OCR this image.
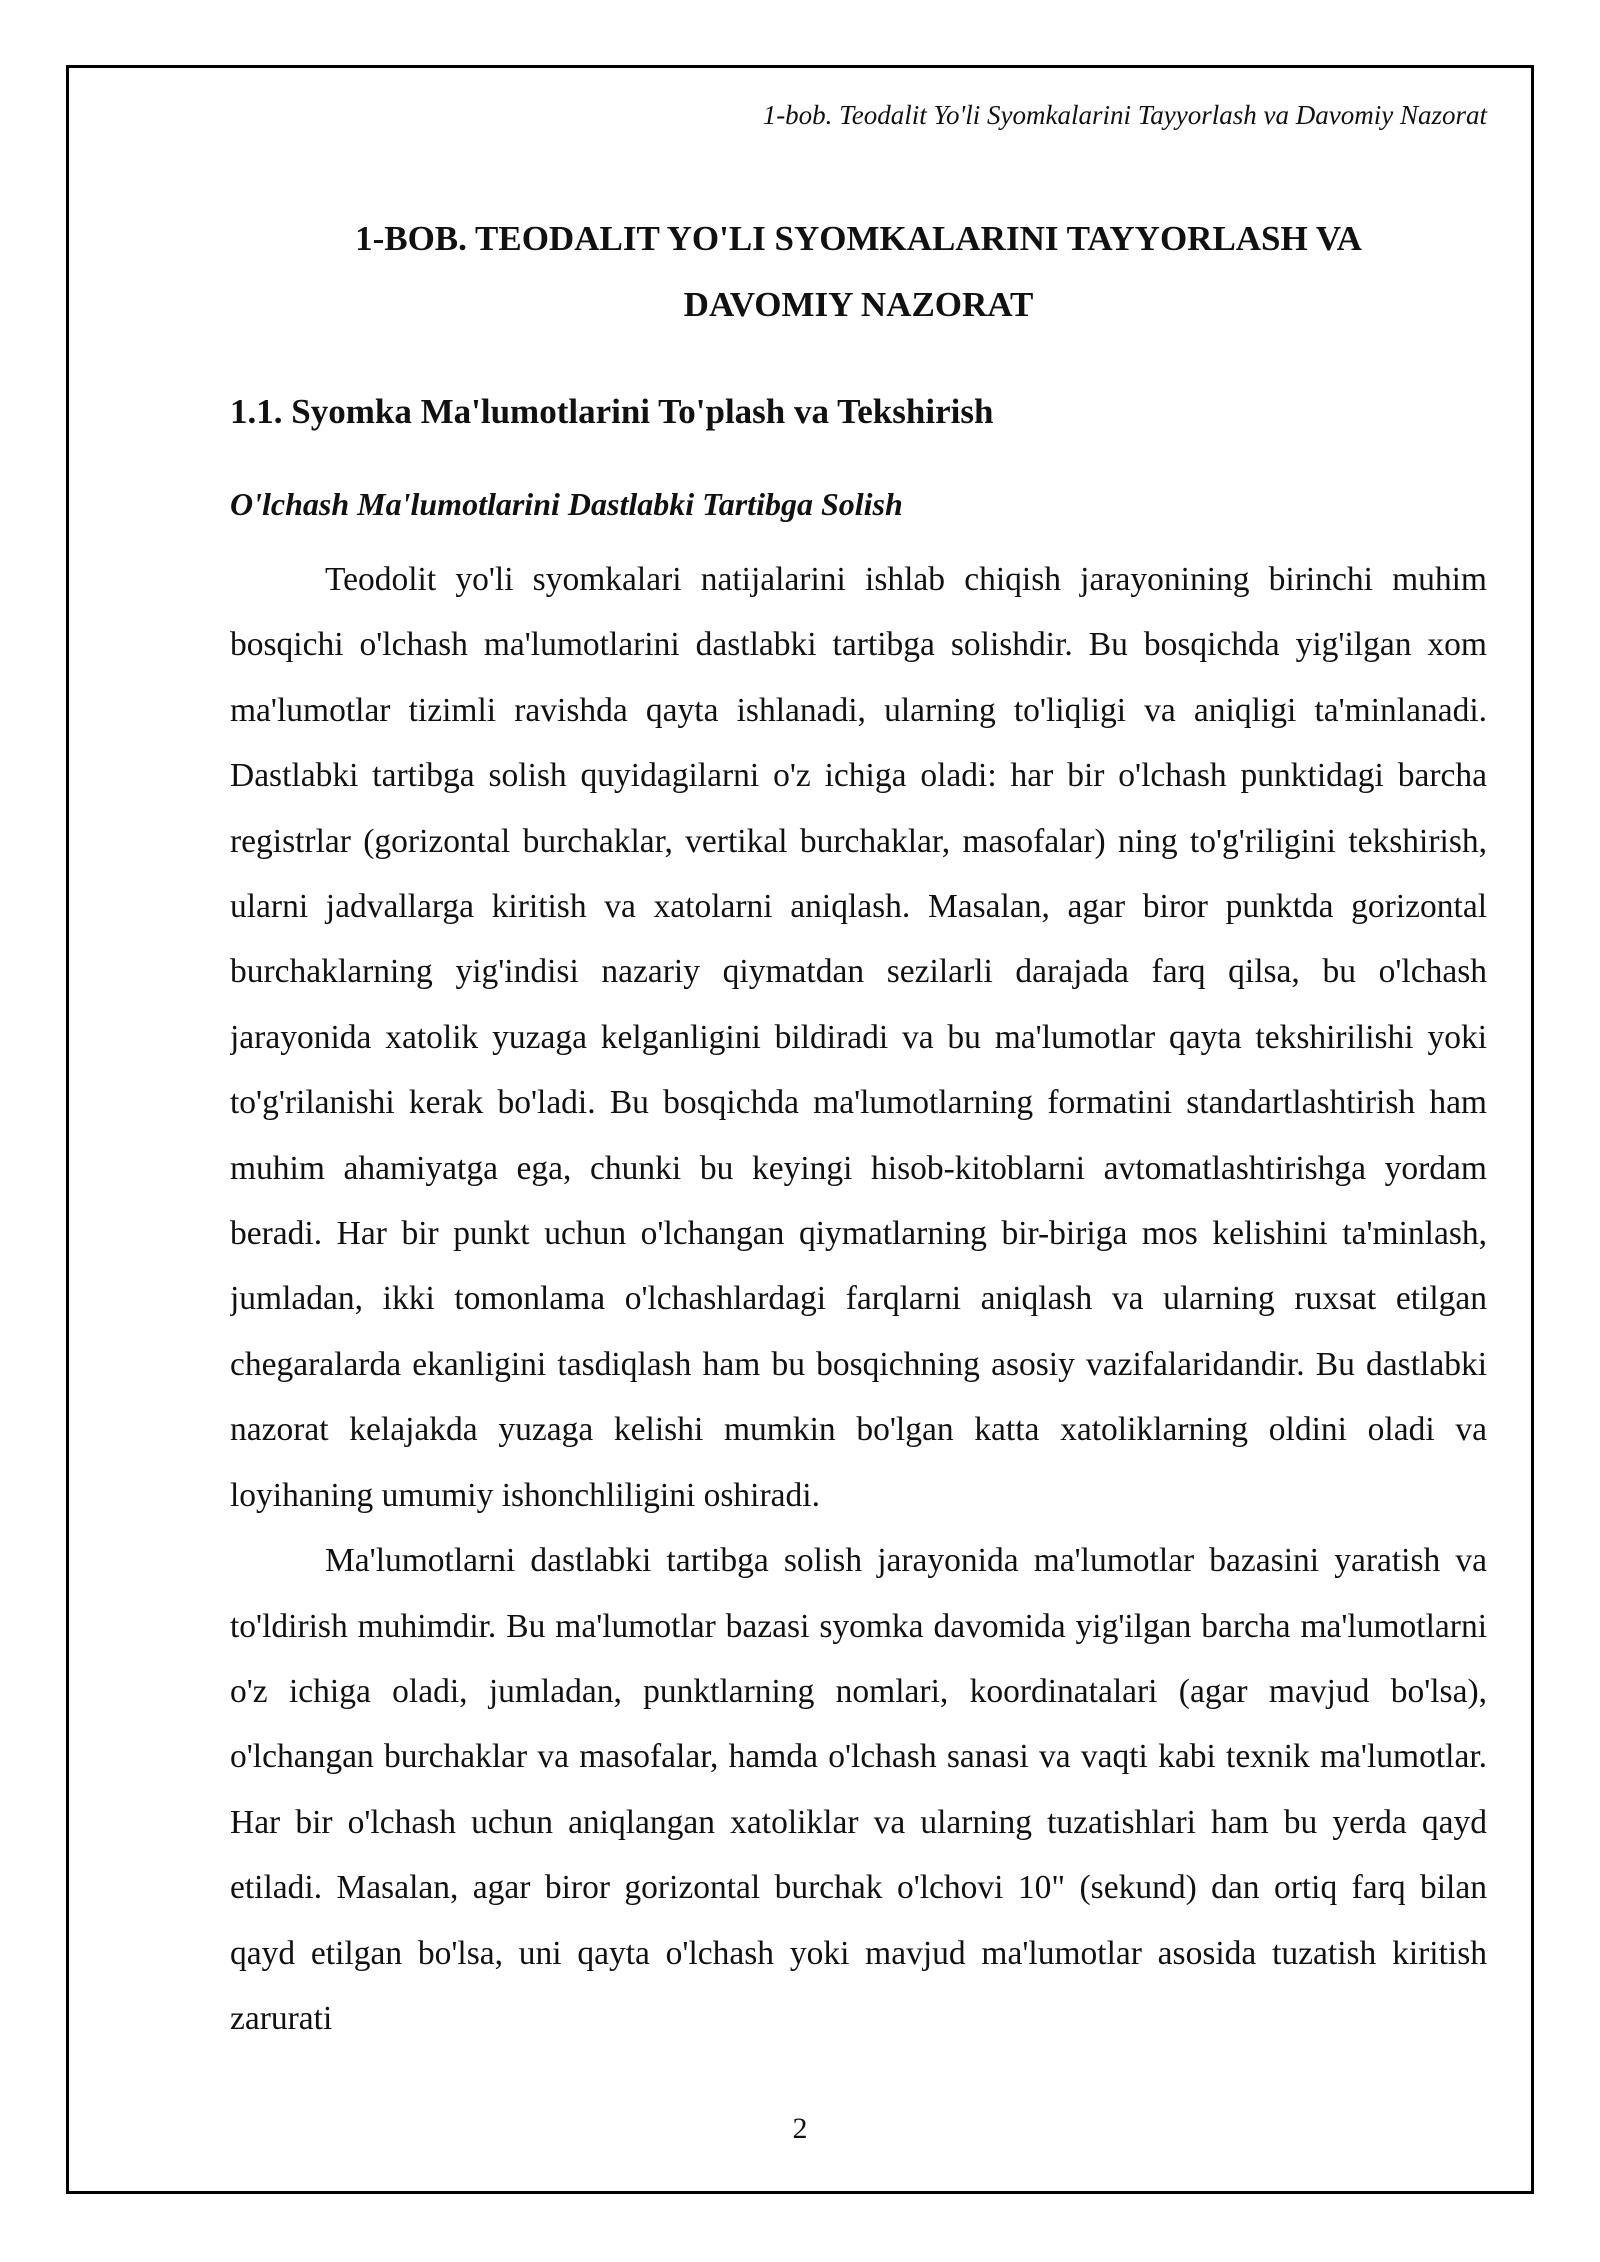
1-bob. Teodalit Yo'li Syomkalarini Tayyorlash va Davomiy Nazorat
1-BOB. TEODALIT YO'LI SYOMKALARINI TAYYORLASH VA
DAVOMIY NAZORAT
1.1. Syomka Ma'lumotlarini To'plash va Tekshirish
O'lchash Ma'lumotlarini Dastlabki Tartibga Solish

Teodolit yo'li syomkalari natijalarini ishlab chiqish jarayonining birinchi muhim bosqichi o'lchash ma'lumotlarini dastlabki tartibga solishdir. Bu bosqichda yig'ilgan xom ma'lumotlar tizimli ravishda qayta ishlanadi, ularning to'liqligi va aniqligi ta'minlanadi. Dastlabki tartibga solish quyidagilarni o'z ichiga oladi: har bir o'lchash punktidagi barcha registrlar (gorizontal burchaklar, vertikal burchaklar, masofalar) ning to'g'riligini tekshirish, ularni jadvallarga kiritish va xatolarni aniqlash. Masalan, agar biror punktda gorizontal burchaklarning yig'indisi nazariy qiymatdan sezilarli darajada farq qilsa, bu o'lchash jarayonida xatolik yuzaga kelganligini bildiradi va bu ma'lumotlar qayta tekshirilishi yoki to'g'rilanishi kerak bo'ladi. Bu bosqichda ma'lumotlarning formatini standartlashtirish ham muhim ahamiyatga ega, chunki bu keyingi hisob-kitoblarni avtomatlashtirishga yordam beradi. Har bir punkt uchun o'lchangan qiymatlarning bir-biriga mos kelishini ta'minlash, jumladan, ikki tomonlama o'lchashlardagi farqlarni aniqlash va ularning ruxsat etilgan chegaralarda ekanligini tasdiqlash ham bu bosqichning asosiy vazifalaridandir. Bu dastlabki nazorat kelajakda yuzaga kelishi mumkin bo'lgan katta xatoliklarning oldini oladi va loyihaning umumiy ishonchliligini oshiradi.

Ma'lumotlarni dastlabki tartibga solish jarayonida ma'lumotlar bazasini yaratish va to'ldirish muhimdir. Bu ma'lumotlar bazasi syomka davomida yig'ilgan barcha ma'lumotlarni o'z ichiga oladi, jumladan, punktlarning nomlari, koordinatalari (agar mavjud bo'lsa), o'lchangan burchaklar va masofalar, hamda o'lchash sanasi va vaqti kabi texnik ma'lumotlar. Har bir o'lchash uchun aniqlangan xatoliklar va ularning tuzatishlari ham bu yerda qayd etiladi. Masalan, agar biror gorizontal burchak o'lchovi 10" (sekund) dan ortiq farq bilan qayd etilgan bo'lsa, uni qayta o'lchash yoki mavjud ma'lumotlar asosida tuzatish kiritish zarurati

2
